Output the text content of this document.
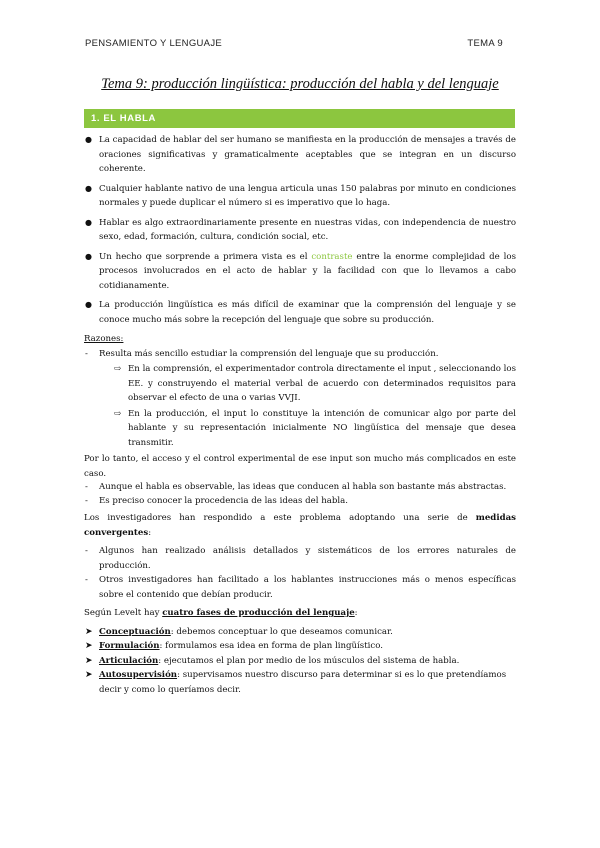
PENSAMIENTO Y LENGUAJE	TEMA 9
Tema 9: producción lingüística: producción del habla y del lenguaje
1. EL HABLA
● La capacidad de hablar del ser humano se manifiesta en la producción de mensajes a través de oraciones significativas y gramaticalmente aceptables que se integran en un discurso coherente.
● Cualquier hablante nativo de una lengua articula unas 150 palabras por minuto en condiciones normales y puede duplicar el número si es imperativo que lo haga.
● Hablar es algo extraordinariamente presente en nuestras vidas, con independencia de nuestro sexo, edad, formación, cultura, condición social, etc.
● Un hecho que sorprende a primera vista es el contraste entre la enorme complejidad de los procesos involucrados en el acto de hablar y la facilidad con que lo llevamos a cabo cotidianamente.
● La producción lingüística es más difícil de examinar que la comprensión del lenguaje y se conoce mucho más sobre la recepción del lenguaje que sobre su producción.

Razones:

- Resulta más sencillo estudiar la comprensión del lenguaje que su producción.
⇨ En la comprensión, el experimentador controla directamente el input , seleccionando los EE. y construyendo el material verbal de acuerdo con determinados requisitos para observar el efecto de una o varias VVJI.
⇨ En la producción, el input lo constituye la intención de comunicar algo por parte del hablante y su representación inicialmente NO lingüística del mensaje que desea transmitir.

Por lo tanto, el acceso y el control experimental de ese input son mucho más complicados en este caso.

- Aunque el habla es observable, las ideas que conducen al habla son bastante más abstractas.
- Es preciso conocer la procedencia de las ideas del habla.

Los investigadores han respondido a este problema adoptando una serie de medidas convergentes:

- Algunos han realizado análisis detallados y sistemáticos de los errores naturales de producción.
- Otros investigadores han facilitado a los hablantes instrucciones más o menos específicas sobre el contenido que debían producir.

Según Levelt hay cuatro fases de producción del lenguaje:

➤ Conceptuación: debemos conceptuar lo que deseamos comunicar.
➤ Formulación: formulamos esa idea en forma de plan lingüístico.
➤ Articulación: ejecutamos el plan por medio de los músculos del sistema de habla.
➤ Autosupervisión: supervisamos nuestro discurso para determinar si es lo que pretendíamos decir y como lo queríamos decir.
